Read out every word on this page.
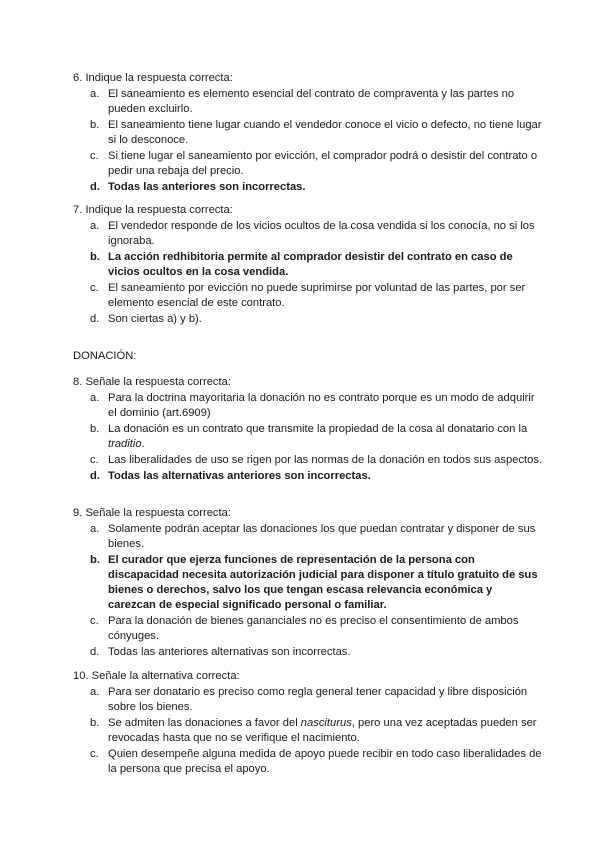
6. Indique la respuesta correcta:
a. El saneamiento es elemento esencial del contrato de compraventa y las partes no pueden excluirlo.
b. El saneamiento tiene lugar cuando el vendedor conoce el vicio o defecto, no tiene lugar si lo desconoce.
c. Si tiene lugar el saneamiento por evicción, el comprador podrá o desistir del contrato o pedir una rebaja del precio.
d. Todas las anteriores son incorrectas.
7. Indique la respuesta correcta:
a. El vendedor responde de los vicios ocultos de la cosa vendida si los conocía, no si los ignoraba.
b. La acción redhibitoria permite al comprador desistir del contrato en caso de vicios ocultos en la cosa vendida.
c. El saneamiento por evicción no puede suprimirse por voluntad de las partes, por ser elemento esencial de este contrato.
d. Son ciertas a) y b).
DONACIÓN:
8. Señale la respuesta correcta:
a. Para la doctrina mayoritaria la donación no es contrato porque es un modo de adquirir el dominio (art.6909)
b. La donación es un contrato que transmite la propiedad de la cosa al donatario con la traditio.
c. Las liberalidades de uso se rigen por las normas de la donación en todos sus aspectos.
d. Todas las alternativas anteriores son incorrectas.
9. Señale la respuesta correcta:
a. Solamente podrán aceptar las donaciones los que puedan contratar y disponer de sus bienes.
b. El curador que ejerza funciones de representación de la persona con discapacidad necesita autorización judicial para disponer a título gratuito de sus bienes o derechos, salvo los que tengan escasa relevancia económica y carezcan de especial significado personal o familiar.
c. Para la donación de bienes gananciales no es preciso el consentimiento de ambos cónyuges.
d. Todas las anteriores alternativas son incorrectas.
10. Señale la alternativa correcta:
a. Para ser donatario es preciso como regla general tener capacidad y libre disposición sobre los bienes.
b. Se admiten las donaciones a favor del nasciturus, pero una vez aceptadas pueden ser revocadas hasta que no se verifique el nacimiento.
c. Quien desempeñe alguna medida de apoyo puede recibir en todo caso liberalidades de la persona que precisa el apoyo.
